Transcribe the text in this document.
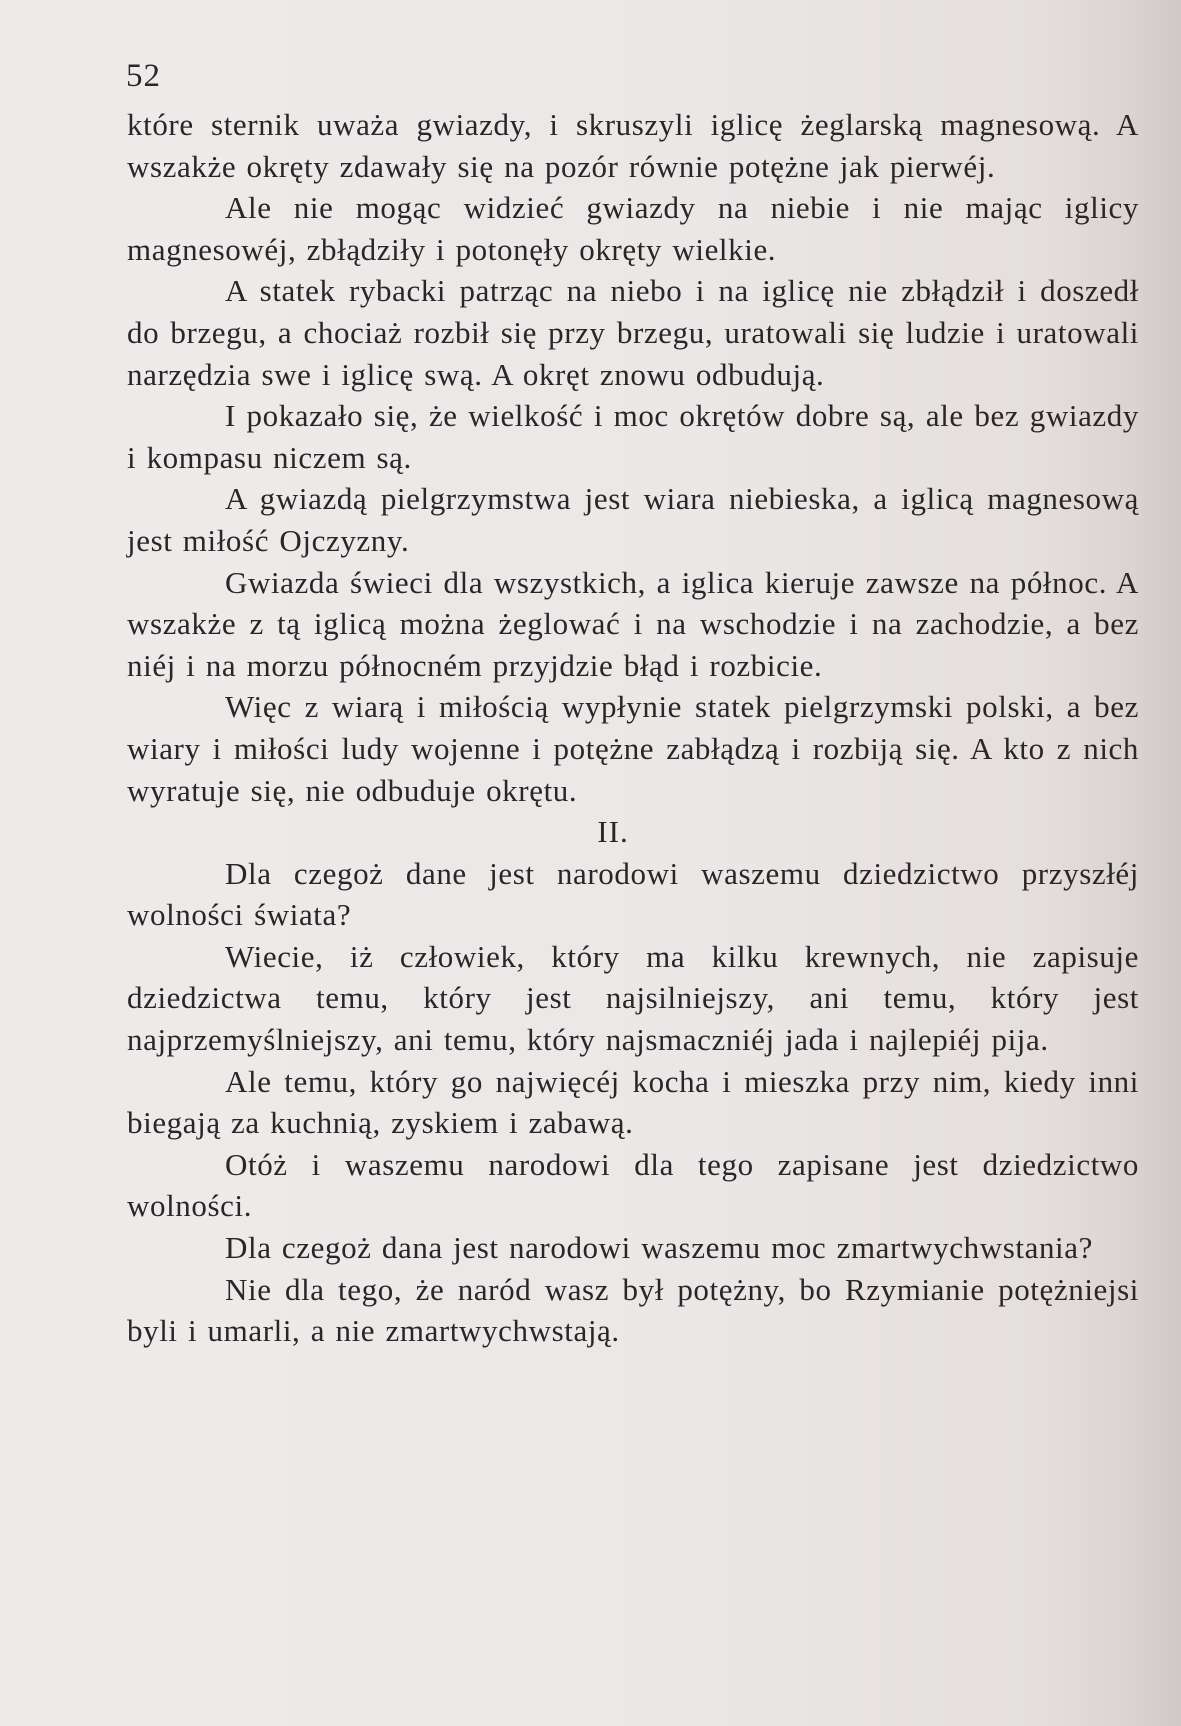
52

które sternik uważa gwiazdy, i skruszyli iglicę żeglarską magnesową. A wszakże okręty zdawały się na pozór równie potężne jak pierwéj.

Ale nie mogąc widzieć gwiazdy na niebie i nie mając iglicy magnesowéj, zbłądziły i potonęły okręty wielkie.

A statek rybacki patrząc na niebo i na iglicę nie zbłądził i doszedł do brzegu, a chociaż rozbił się przy brzegu, uratowali się ludzie i uratowali narzędzia swe i iglicę swą. A okręt znowu odbudują.

I pokazało się, że wielkość i moc okrętów dobre są, ale bez gwiazdy i kompasu niczem są.

A gwiazdą pielgrzymstwa jest wiara niebieska, a iglicą magnesową jest miłość Ojczyzny.

Gwiazda świeci dla wszystkich, a iglica kieruje zawsze na północ. A wszakże z tą iglicą można żeglować i na wschodzie i na zachodzie, a bez niéj i na morzu północném przyjdzie błąd i rozbicie.

Więc z wiarą i miłością wypłynie statek pielgrzymski polski, a bez wiary i miłości ludy wojenne i potężne zabłądzą i rozbiją się. A kto z nich wyratuje się, nie odbuduje okrętu.

II.

Dla czegoż dane jest narodowi waszemu dziedzictwo przyszłéj wolności świata?

Wiecie, iż człowiek, który ma kilku krewnych, nie zapisuje dziedzictwa temu, który jest najsilniejszy, ani temu, który jest najprzemyślniejszy, ani temu, który najsmaczniéj jada i najlepiéj pija.

Ale temu, który go najwięcéj kocha i mieszka przy nim, kiedy inni biegają za kuchnią, zyskiem i zabawą.

Otóż i waszemu narodowi dla tego zapisane jest dziedzictwo wolności.

Dla czegoż dana jest narodowi waszemu moc zmartwychwstania?

Nie dla tego, że naród wasz był potężny, bo Rzymianie potężniejsi byli i umarli, a nie zmartwychwstają.
